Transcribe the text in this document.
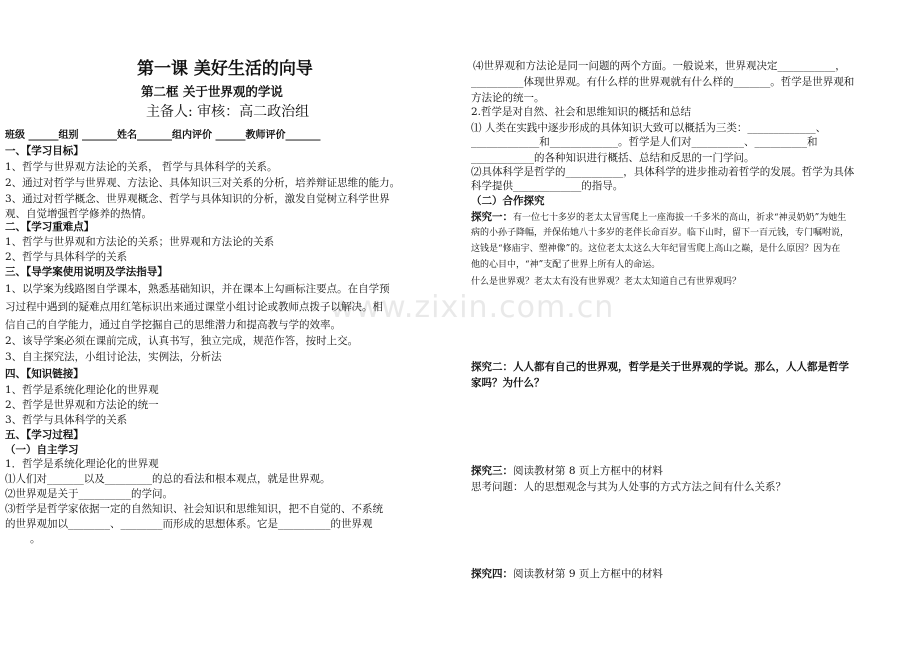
www.zixin.com.cn
第一课 美好生活的向导
第二框 关于世界观的学说
主备人: 审核：高二政治组
班级 ______组别 _______姓名_______组内评价 ______教师评价_______
一、【学习目标】
1、哲学与世界观方法论的关系， 哲学与具体科学的关系。
2、通过对哲学与世界观、方法论、具体知识三对关系的分析，培养辩证思维的能力。
3、通过对哲学概念、世界观概念、哲学与具体知识的分析，激发自觉树立科学世界
观、自觉增强哲学修养的热情。
二、【学习重难点】
1、哲学与世界观和方法论的关系；世界观和方法论的关系
2、哲学与具体科学的关系
三、【导学案使用说明及学法指导】
1、以学案为线路图自学课本，熟悉基础知识，并在课本上勾画标注要点。在自学预
习过程中遇到的疑难点用红笔标识出来通过课堂小组讨论或教师点拨子以解决。相
信自己的自学能力，通过自学挖掘自己的思维潜力和提高教与学的效率。
2、该导学案必须在课前完成，认真书写，独立完成，规范作答，按时上交。
3、自主探究法，小组讨论法，实例法，分析法
四、【知识链接】
1、哲学是系统化理论化的世界观
2、哲学是世界观和方法论的统一
3、哲学与具体科学的关系
五、【学习过程】
（一）自主学习
1．哲学是系统化理论化的世界观
⑴人们对_______以及_________的总的看法和根本观点，就是世界观。
⑵世界观是关于__________的学问。
⑶哲学是哲学家依据一定的自然知识、社会知识和思维知识，把不自觉的、不系统
的世界观加以________、________而形成的思想体系。它是__________的世界观
。
⑷世界观和方法论是同一问题的两个方面。一般说来，世界观决定___________，
__________体现世界观。有什么样的世界观就有什么样的_______。哲学是世界观和
方法论的统一。
2.哲学是对自然、社会和思维知识的概括和总结
⑴ 人类在实践中逐步形成的具体知识大致可以概括为三类：_____________、
_____________和_____________。哲学是人们对__________、__________和
____________的各种知识进行概括、总结和反思的一门学问。
⑵具体科学是哲学的___________，具体科学的进步推动着哲学的发展。哲学为具体
科学提供_____________的指导。
（二）合作探究
探究一：有一位七十多岁的老太太冒雪爬上一座海拔一千多米的高山，祈求“神灵奶奶”为她生
病的小孙子降幅，并保佑她八十多岁的老伴长命百岁。临下山时，留下一百元钱，专门嘱咐说，
这钱是“修庙宇、塑神像”的。这位老太太这么大年纪冒雪爬上高山之巅，是什么原因？因为在
他的心目中，“神”支配了世界上所有人的命运。
什么是世界观？老太太有没有世界观？老太太知道自己有世界观吗？
探究二：人人都有自己的世界观，哲学是关于世界观的学说。那么，人人都是哲学
家吗？为什么？
探究三：阅读教材第 8 页上方框中的材料
思考问题：人的思想观念与其为人处事的方式方法之间有什么关系？
探究四：阅读教材第 9 页上方框中的材料
